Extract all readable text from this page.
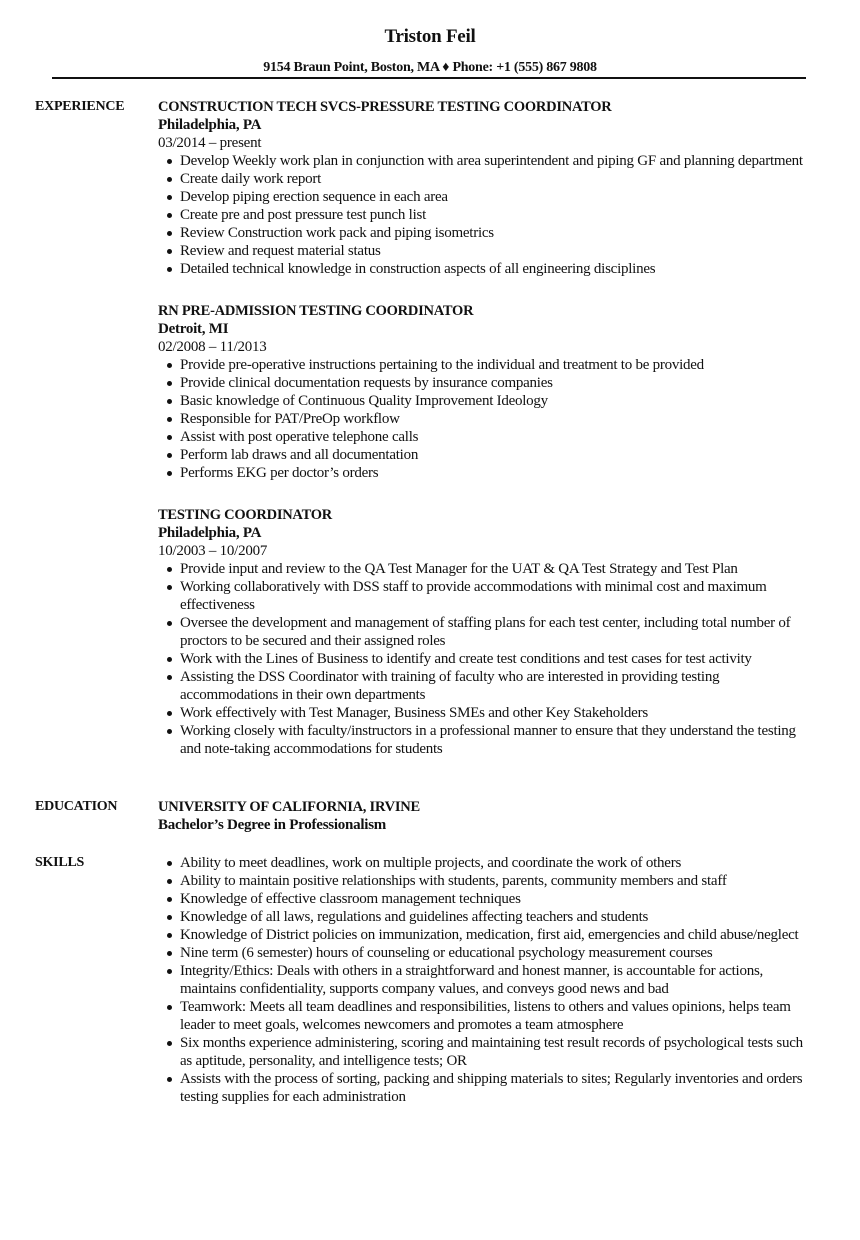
Triston Feil
9154 Braun Point, Boston, MA ♦ Phone: +1 (555) 867 9808
EXPERIENCE CONSTRUCTION TECH SVCS-PRESSURE TESTING COORDINATOR
Philadelphia, PA
03/2014 – present
Develop Weekly work plan in conjunction with area superintendent and piping GF and planning department
Create daily work report
Develop piping erection sequence in each area
Create pre and post pressure test punch list
Review Construction work pack and piping isometrics
Review and request material status
Detailed technical knowledge in construction aspects of all engineering disciplines
RN PRE-ADMISSION TESTING COORDINATOR
Detroit, MI
02/2008 – 11/2013
Provide pre-operative instructions pertaining to the individual and treatment to be provided
Provide clinical documentation requests by insurance companies
Basic knowledge of Continuous Quality Improvement Ideology
Responsible for PAT/PreOp workflow
Assist with post operative telephone calls
Perform lab draws and all documentation
Performs EKG per doctor’s orders
TESTING COORDINATOR
Philadelphia, PA
10/2003 – 10/2007
Provide input and review to the QA Test Manager for the UAT & QA Test Strategy and Test Plan
Working collaboratively with DSS staff to provide accommodations with minimal cost and maximum effectiveness
Oversee the development and management of staffing plans for each test center, including total number of proctors to be secured and their assigned roles
Work with the Lines of Business to identify and create test conditions and test cases for test activity
Assisting the DSS Coordinator with training of faculty who are interested in providing testing accommodations in their own departments
Work effectively with Test Manager, Business SMEs and other Key Stakeholders
Working closely with faculty/instructors in a professional manner to ensure that they understand the testing and note-taking accommodations for students
EDUCATION	UNIVERSITY OF CALIFORNIA, IRVINE
Bachelor’s Degree in Professionalism
SKILLS	Ability to meet deadlines, work on multiple projects, and coordinate the work of others
Ability to maintain positive relationships with students, parents, community members and staff
Knowledge of effective classroom management techniques
Knowledge of all laws, regulations and guidelines affecting teachers and students
Knowledge of District policies on immunization, medication, first aid, emergencies and child abuse/neglect
Nine term (6 semester) hours of counseling or educational psychology measurement courses
Integrity/Ethics: Deals with others in a straightforward and honest manner, is accountable for actions, maintains confidentiality, supports company values, and conveys good news and bad
Teamwork: Meets all team deadlines and responsibilities, listens to others and values opinions, helps team leader to meet goals, welcomes newcomers and promotes a team atmosphere
Six months experience administering, scoring and maintaining test result records of psychological tests such as aptitude, personality, and intelligence tests; OR
Assists with the process of sorting, packing and shipping materials to sites; Regularly inventories and orders testing supplies for each administration
